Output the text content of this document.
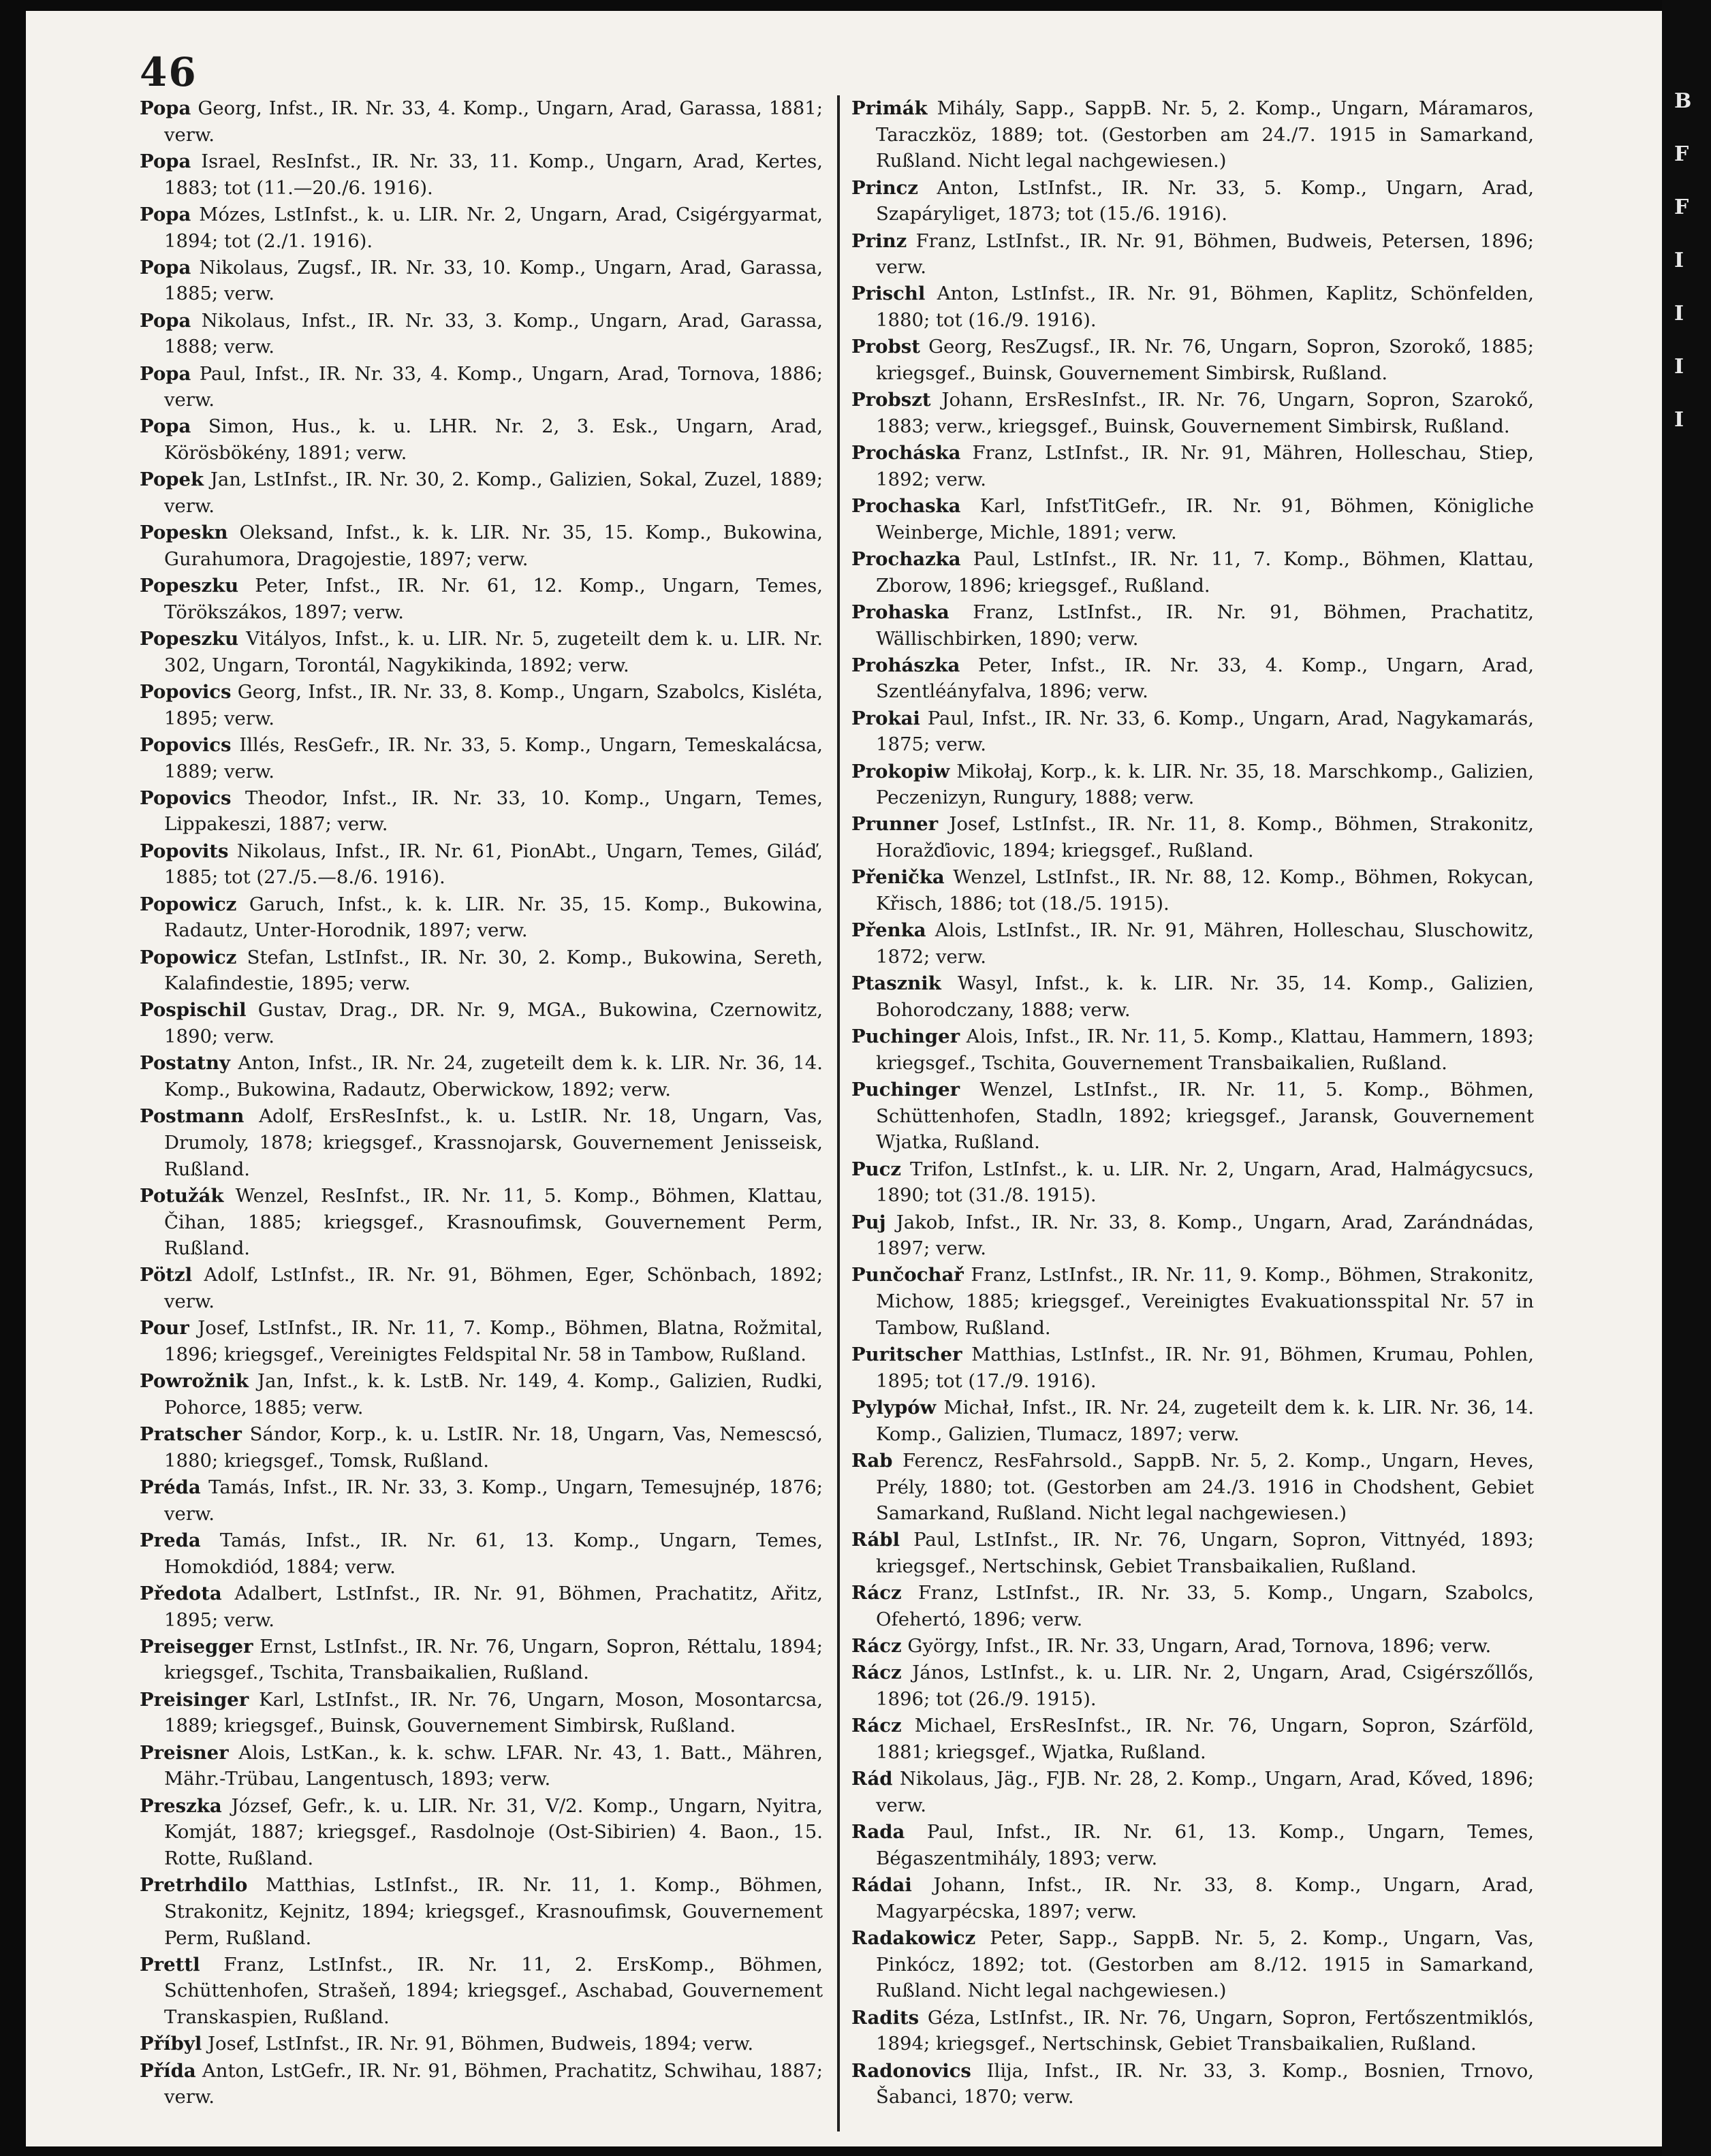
B
F
F
I
I
I
I
46

Popa Georg, Infst., IR. Nr. 33, 4. Komp., Ungarn, Arad, Garassa, 1881; verw.

Popa Israel, ResInfst., IR. Nr. 33, 11. Komp., Ungarn, Arad, Kertes, 1883; tot (11.—20./6. 1916).

Popa Mózes, LstInfst., k. u. LIR. Nr. 2, Ungarn, Arad, Csigérgyarmat, 1894; tot (2./1. 1916).

Popa Nikolaus, Zugsf., IR. Nr. 33, 10. Komp., Ungarn, Arad, Garassa, 1885; verw.

Popa Nikolaus, Infst., IR. Nr. 33, 3. Komp., Ungarn, Arad, Garassa, 1888; verw.

Popa Paul, Infst., IR. Nr. 33, 4. Komp., Ungarn, Arad, Tornova, 1886; verw.

Popa Simon, Hus., k. u. LHR. Nr. 2, 3. Esk., Ungarn, Arad, Körösbökény, 1891; verw.

Popek Jan, LstInfst., IR. Nr. 30, 2. Komp., Galizien, Sokal, Zuzel, 1889; verw.

Popeskn Oleksand, Infst., k. k. LIR. Nr. 35, 15. Komp., Bukowina, Gurahumora, Dragojestie, 1897; verw.

Popeszku Peter, Infst., IR. Nr. 61, 12. Komp., Ungarn, Temes, Törökszákos, 1897; verw.

Popeszku Vitályos, Infst., k. u. LIR. Nr. 5, zugeteilt dem k. u. LIR. Nr. 302, Ungarn, Torontál, Nagykikinda, 1892; verw.

Popovics Georg, Infst., IR. Nr. 33, 8. Komp., Ungarn, Szabolcs, Kisléta, 1895; verw.

Popovics Illés, ResGefr., IR. Nr. 33, 5. Komp., Ungarn, Temeskalácsa, 1889; verw.

Popovics Theodor, Infst., IR. Nr. 33, 10. Komp., Ungarn, Temes, Lippakeszi, 1887; verw.

Popovits Nikolaus, Infst., IR. Nr. 61, PionAbt., Ungarn, Temes, Giláď, 1885; tot (27./5.—8./6. 1916).

Popowicz Garuch, Infst., k. k. LIR. Nr. 35, 15. Komp., Bukowina, Radautz, Unter-Horodnik, 1897; verw.

Popowicz Stefan, LstInfst., IR. Nr. 30, 2. Komp., Bukowina, Sereth, Kalafindestie, 1895; verw.

Pospischil Gustav, Drag., DR. Nr. 9, MGA., Bukowina, Czernowitz, 1890; verw.

Postatny Anton, Infst., IR. Nr. 24, zugeteilt dem k. k. LIR. Nr. 36, 14. Komp., Bukowina, Radautz, Oberwickow, 1892; verw.

Postmann Adolf, ErsResInfst., k. u. LstIR. Nr. 18, Ungarn, Vas, Drumoly, 1878; kriegsgef., Krassnojarsk, Gouvernement Jenisseisk, Rußland.

Potužák Wenzel, ResInfst., IR. Nr. 11, 5. Komp., Böhmen, Klattau, Čihan, 1885; kriegsgef., Krasnoufimsk, Gouvernement Perm, Rußland.

Pötzl Adolf, LstInfst., IR. Nr. 91, Böhmen, Eger, Schönbach, 1892; verw.

Pour Josef, LstInfst., IR. Nr. 11, 7. Komp., Böhmen, Blatna, Rožmital, 1896; kriegsgef., Vereinigtes Feldspital Nr. 58 in Tambow, Rußland.

Powrožnik Jan, Infst., k. k. LstB. Nr. 149, 4. Komp., Galizien, Rudki, Pohorce, 1885; verw.

Pratscher Sándor, Korp., k. u. LstIR. Nr. 18, Ungarn, Vas, Nemescsó, 1880; kriegsgef., Tomsk, Rußland.

Préda Tamás, Infst., IR. Nr. 33, 3. Komp., Ungarn, Temesujnép, 1876; verw.

Preda Tamás, Infst., IR. Nr. 61, 13. Komp., Ungarn, Temes, Homokdiód, 1884; verw.

Předota Adalbert, LstInfst., IR. Nr. 91, Böhmen, Prachatitz, Ařitz, 1895; verw.

Preisegger Ernst, LstInfst., IR. Nr. 76, Ungarn, Sopron, Réttalu, 1894; kriegsgef., Tschita, Transbaikalien, Rußland.

Preisinger Karl, LstInfst., IR. Nr. 76, Ungarn, Moson, Mosontarcsa, 1889; kriegsgef., Buinsk, Gouvernement Simbirsk, Rußland.

Preisner Alois, LstKan., k. k. schw. LFAR. Nr. 43, 1. Batt., Mähren, Mähr.-Trübau, Langentusch, 1893; verw.

Preszka József, Gefr., k. u. LIR. Nr. 31, V/2. Komp., Ungarn, Nyitra, Komját, 1887; kriegsgef., Rasdolnoje (Ost-Sibirien) 4. Baon., 15. Rotte, Rußland.

Pretrhdilo Matthias, LstInfst., IR. Nr. 11, 1. Komp., Böhmen, Strakonitz, Kejnitz, 1894; kriegsgef., Krasnoufimsk, Gouvernement Perm, Rußland.

Prettl Franz, LstInfst., IR. Nr. 11, 2. ErsKomp., Böhmen, Schüttenhofen, Strašeň, 1894; kriegsgef., Aschabad, Gouvernement Transkaspien, Rußland.

Příbyl Josef, LstInfst., IR. Nr. 91, Böhmen, Budweis, 1894; verw.

Přída Anton, LstGefr., IR. Nr. 91, Böhmen, Prachatitz, Schwihau, 1887; verw.

Primák Mihály, Sapp., SappB. Nr. 5, 2. Komp., Ungarn, Máramaros, Taraczköz, 1889; tot. (Gestorben am 24./7. 1915 in Samarkand, Rußland. Nicht legal nachgewiesen.)

Princz Anton, LstInfst., IR. Nr. 33, 5. Komp., Ungarn, Arad, Szapáryliget, 1873; tot (15./6. 1916).

Prinz Franz, LstInfst., IR. Nr. 91, Böhmen, Budweis, Petersen, 1896; verw.

Prischl Anton, LstInfst., IR. Nr. 91, Böhmen, Kaplitz, Schönfelden, 1880; tot (16./9. 1916).

Probst Georg, ResZugsf., IR. Nr. 76, Ungarn, Sopron, Szorokő, 1885; kriegsgef., Buinsk, Gouvernement Simbirsk, Rußland.

Probszt Johann, ErsResInfst., IR. Nr. 76, Ungarn, Sopron, Szarokő, 1883; verw., kriegsgef., Buinsk, Gouvernement Simbirsk, Rußland.

Procháska Franz, LstInfst., IR. Nr. 91, Mähren, Holleschau, Stiep, 1892; verw.

Prochaska Karl, InfstTitGefr., IR. Nr. 91, Böhmen, Königliche Weinberge, Michle, 1891; verw.

Prochazka Paul, LstInfst., IR. Nr. 11, 7. Komp., Böhmen, Klattau, Zborow, 1896; kriegsgef., Rußland.

Prohaska Franz, LstInfst., IR. Nr. 91, Böhmen, Prachatitz, Wällischbirken, 1890; verw.

Prohászka Peter, Infst., IR. Nr. 33, 4. Komp., Ungarn, Arad, Szentléányfalva, 1896; verw.

Prokai Paul, Infst., IR. Nr. 33, 6. Komp., Ungarn, Arad, Nagykamarás, 1875; verw.

Prokopiw Mikołaj, Korp., k. k. LIR. Nr. 35, 18. Marschkomp., Galizien, Peczenizyn, Rungury, 1888; verw.

Prunner Josef, LstInfst., IR. Nr. 11, 8. Komp., Böhmen, Strakonitz, Horažďiovic, 1894; kriegsgef., Rußland.

Přenička Wenzel, LstInfst., IR. Nr. 88, 12. Komp., Böhmen, Rokycan, Křisch, 1886; tot (18./5. 1915).

Přenka Alois, LstInfst., IR. Nr. 91, Mähren, Holleschau, Sluschowitz, 1872; verw.

Ptasznik Wasyl, Infst., k. k. LIR. Nr. 35, 14. Komp., Galizien, Bohorodczany, 1888; verw.

Puchinger Alois, Infst., IR. Nr. 11, 5. Komp., Klattau, Hammern, 1893; kriegsgef., Tschita, Gouvernement Transbaikalien, Rußland.

Puchinger Wenzel, LstInfst., IR. Nr. 11, 5. Komp., Böhmen, Schüttenhofen, Stadln, 1892; kriegsgef., Jaransk, Gouvernement Wjatka, Rußland.

Pucz Trifon, LstInfst., k. u. LIR. Nr. 2, Ungarn, Arad, Halmágycsucs, 1890; tot (31./8. 1915).

Puj Jakob, Infst., IR. Nr. 33, 8. Komp., Ungarn, Arad, Zarándnádas, 1897; verw.

Punčochař Franz, LstInfst., IR. Nr. 11, 9. Komp., Böhmen, Strakonitz, Michow, 1885; kriegsgef., Vereinigtes Evakuationsspital Nr. 57 in Tambow, Rußland.

Puritscher Matthias, LstInfst., IR. Nr. 91, Böhmen, Krumau, Pohlen, 1895; tot (17./9. 1916).

Pylypów Michał, Infst., IR. Nr. 24, zugeteilt dem k. k. LIR. Nr. 36, 14. Komp., Galizien, Tlumacz, 1897; verw.

Rab Ferencz, ResFahrsold., SappB. Nr. 5, 2. Komp., Ungarn, Heves, Prély, 1880; tot. (Gestorben am 24./3. 1916 in Chodshent, Gebiet Samarkand, Rußland. Nicht legal nachgewiesen.)

Rábl Paul, LstInfst., IR. Nr. 76, Ungarn, Sopron, Vittnyéd, 1893; kriegsgef., Nertschinsk, Gebiet Transbaikalien, Rußland.

Rácz Franz, LstInfst., IR. Nr. 33, 5. Komp., Ungarn, Szabolcs, Ofehertó, 1896; verw.

Rácz György, Infst., IR. Nr. 33, Ungarn, Arad, Tornova, 1896; verw.

Rácz János, LstInfst., k. u. LIR. Nr. 2, Ungarn, Arad, Csigérszőllős, 1896; tot (26./9. 1915).

Rácz Michael, ErsResInfst., IR. Nr. 76, Ungarn, Sopron, Szárföld, 1881; kriegsgef., Wjatka, Rußland.

Rád Nikolaus, Jäg., FJB. Nr. 28, 2. Komp., Ungarn, Arad, Kőved, 1896; verw.

Rada Paul, Infst., IR. Nr. 61, 13. Komp., Ungarn, Temes, Bégaszentmihály, 1893; verw.

Rádai Johann, Infst., IR. Nr. 33, 8. Komp., Ungarn, Arad, Magyarpécska, 1897; verw.

Radakowicz Peter, Sapp., SappB. Nr. 5, 2. Komp., Ungarn, Vas, Pinkócz, 1892; tot. (Gestorben am 8./12. 1915 in Samarkand, Rußland. Nicht legal nachgewiesen.)

Radits Géza, LstInfst., IR. Nr. 76, Ungarn, Sopron, Fertőszentmiklós, 1894; kriegsgef., Nertschinsk, Gebiet Transbaikalien, Rußland.

Radonovics Ilija, Infst., IR. Nr. 33, 3. Komp., Bosnien, Trnovo, Šabanci, 1870; verw.
